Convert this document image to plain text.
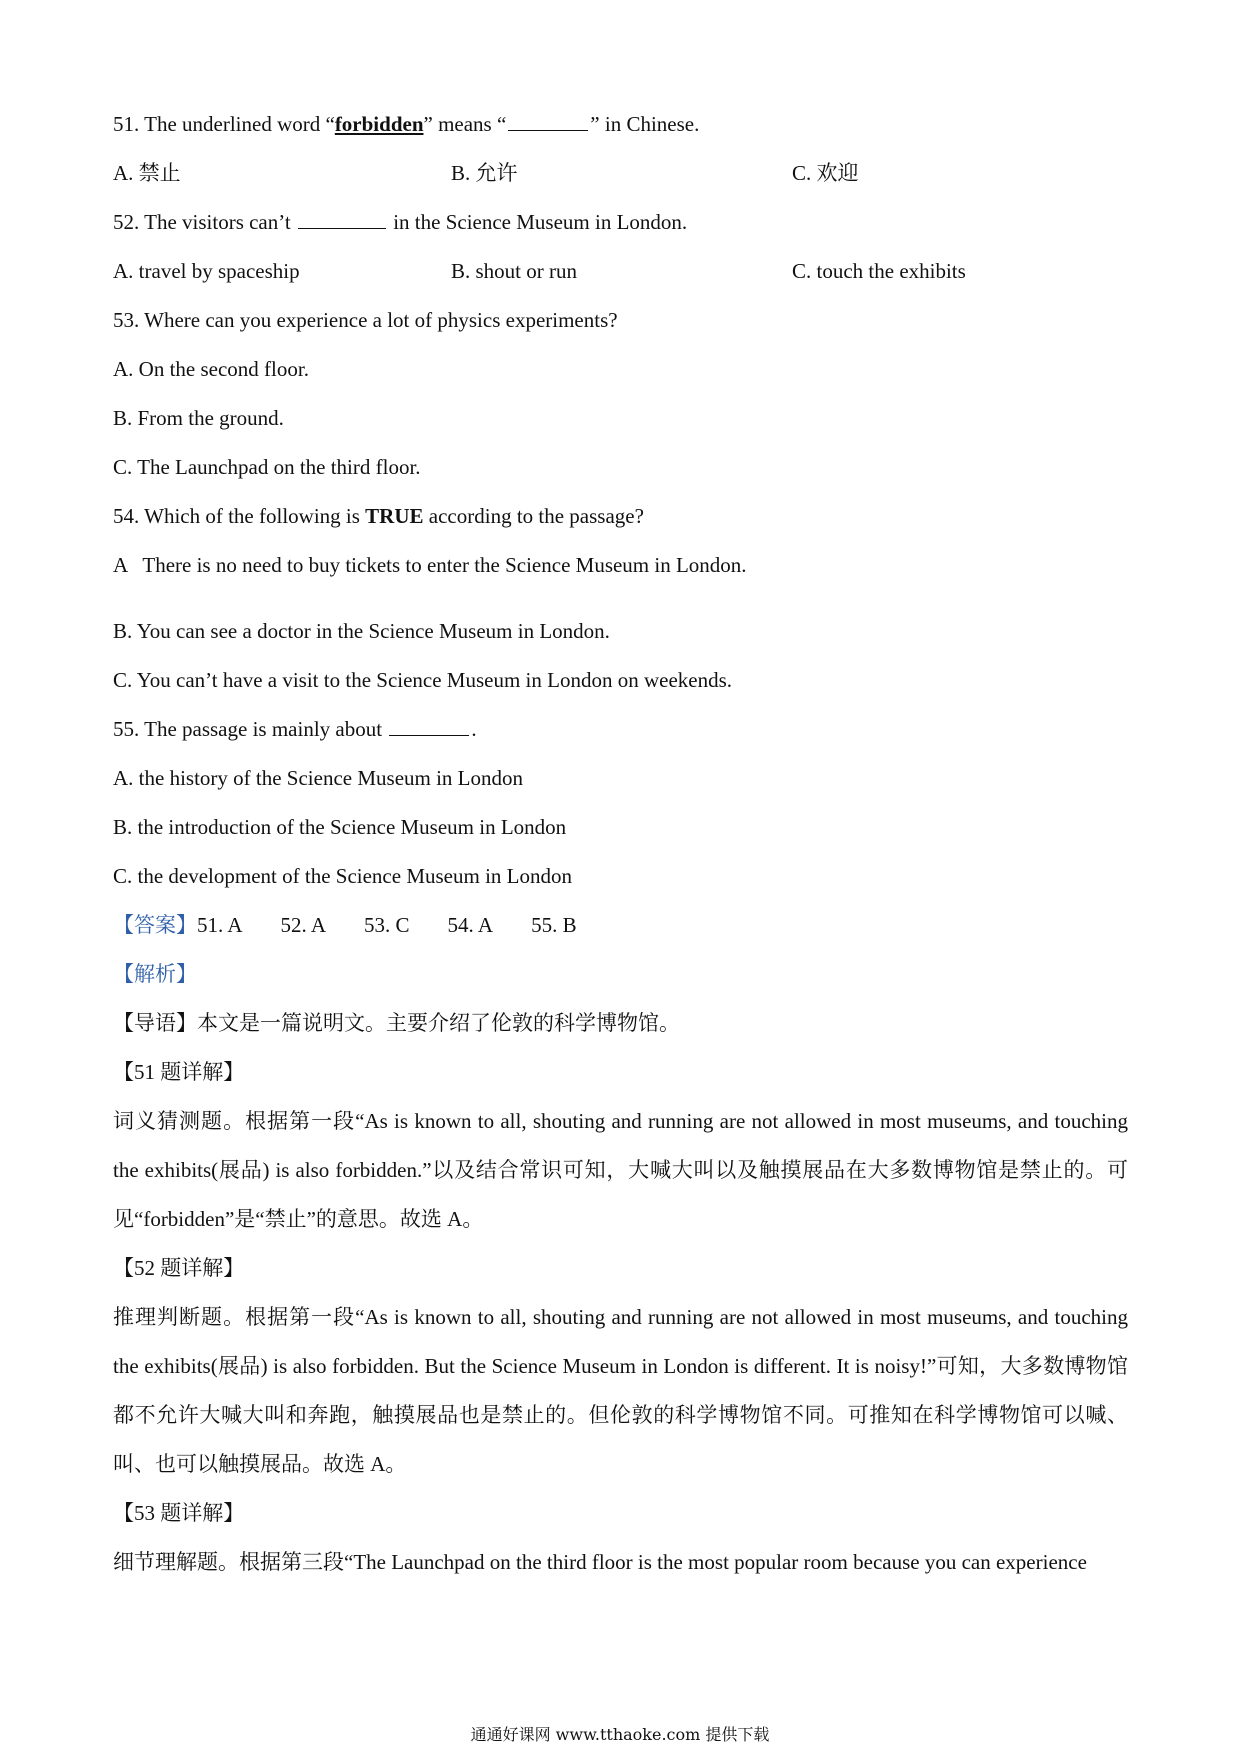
51. The underlined word “forbidden” means “	” in Chinese.
A. 禁止	B. 允许	C. 欢迎
52. The visitors can’t	in the Science Museum in London.
A. travel by spaceship	B. shout or run	C. touch the exhibits
53. Where can you experience a lot of physics experiments?
A. On the second floor.
B. From the ground.
C. The Launchpad on the third floor.
54. Which of the following is TRUE according to the passage?
A   There is no need to buy tickets to enter the Science Museum in London.
B. You can see a doctor in the Science Museum in London.
C. You can’t have a visit to the Science Museum in London on weekends.
55. The passage is mainly about	.
A. the history of the Science Museum in London
B. the introduction of the Science Museum in London
C. the development of the Science Museum in London
【答案】 51. A 52. A 53. C 54. A 55. B
【解析】
【导语】本文是一篇说明文。主要介绍了伦敦的科学博物馆。
【51 题详解】
词义猜测题。根据第一段“As is known to all, shouting and running are not allowed in most museums, and touching the exhibits(展品) is also forbidden.”以及结合常识可知，大喊大叫以及触摸展品在大多数博物馆是禁止的。可见“forbidden”是“禁止”的意思。故选 A。
【52 题详解】
推理判断题。根据第一段“As is known to all, shouting and running are not allowed in most museums, and touching the exhibits(展品) is also forbidden. But the Science Museum in London is different. It is noisy!”可知，大多数博物馆都不允许大喊大叫和奔跑，触摸展品也是禁止的。但伦敦的科学博物馆不同。可推知在科学博物馆可以喊、叫、也可以触摸展品。故选 A。
【53 题详解】
细节理解题。根据第三段“The Launchpad on the third floor is the most popular room because you can experience
通通好课网 www.tthaoke.com 提供下载
